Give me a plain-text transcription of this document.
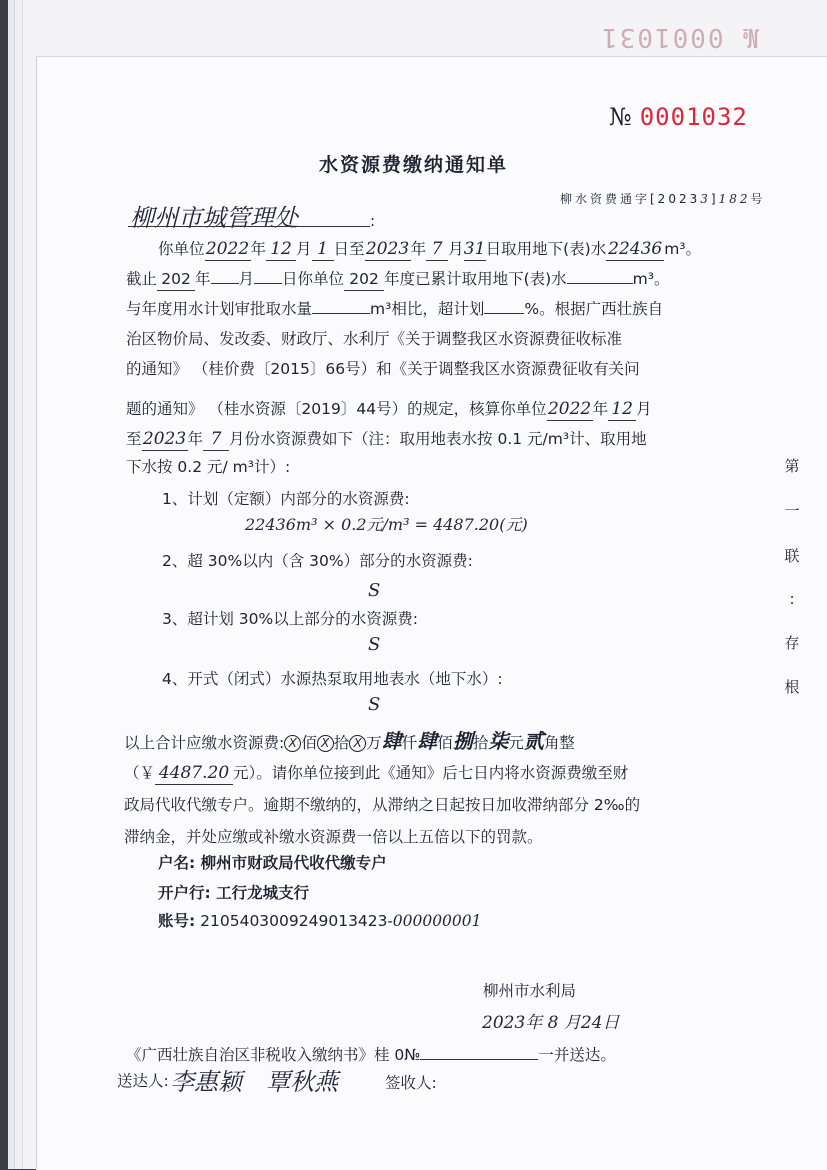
№ 0001031
№ 0001032
水资源费缴纳通知单
柳水资费通字[20233]182号
柳州市城管理处	:
你单位2022年 12 月 1 日至2023年 7 月31日取用地下(表)水 22436 m³。
截止 202 年 月 日你单位 202 年度已累计取用地下(表)水	m³。
与年度用水计划审批取水量	m³相比，超计划	%。根据广西壮族自
治区物价局、发改委、财政厅、水利厅《关于调整我区水资源费征收标准
的通知》 （桂价费〔2015〕66号）和《关于调整我区水资源费征收有关问
题的通知》 （桂水资源〔2019〕44号）的规定，核算你单位2022年 12 月
至2023年 7 月份水资源费如下（注：取用地表水按 0.1 元/m³计、取用地
下水按 0.2 元/ m³计）:
1、计划（定额）内部分的水资源费:
22436m³ × 0.2元/m³ = 4487.20(元)
2、超 30%以内（含 30%）部分的水资源费:
S
3、超计划 30%以上部分的水资源费:
S
4、开式（闭式）水源热泵取用地表水（地下水）:
S
以上合计应缴水资源费: X 佰 X 拾 X 万肆仟肆佰捌拾柒元贰角整
（￥ 4487.20 元）。请你单位接到此《通知》后七日内将水资源费缴至财
政局代收代缴专户。逾期不缴纳的，从滞纳之日起按日加收滞纳部分 2‰的
滞纳金，并处应缴或补缴水资源费一倍以上五倍以下的罚款。
户名: 柳州市财政局代收代缴专户
开户行: 工行龙城支行
账号: 2105403009249013423-000000001
柳州市水利局
2023年 8 月24日
《广西壮族自治区非税收入缴纳书》桂 0№	一并送达。
送达人: 李惠颖　覃秋燕	签收人:
第
一
联
:
存
根
